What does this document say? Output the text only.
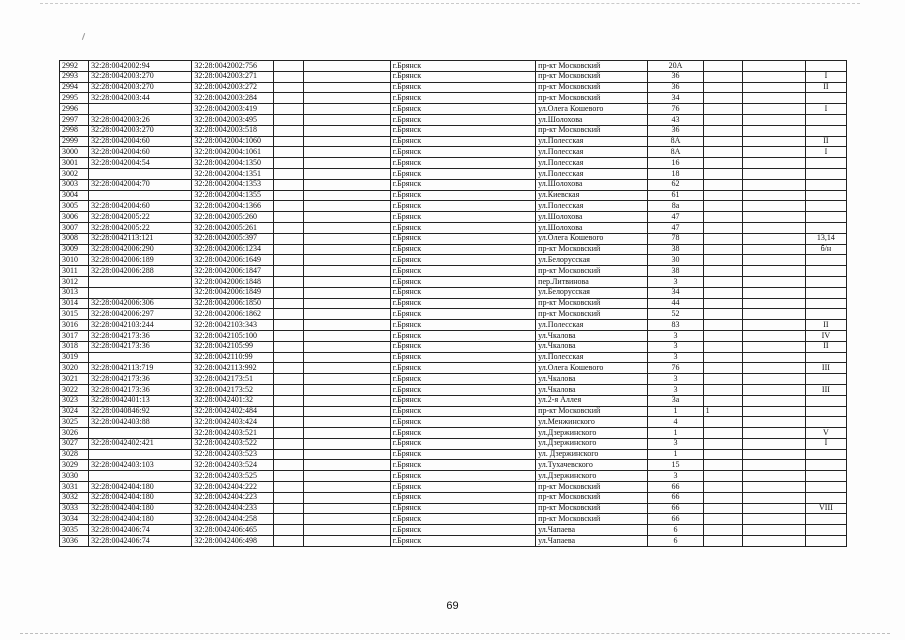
2992	32:28:0042002:94	32:28:0042002:756			г.Брянск	пр-кт Московский	20А			
2993	32:28:0042003:270	32:28:0042003:271			г.Брянск	пр-кт Московский	36			I
2994	32:28:0042003:270	32:28:0042003:272			г.Брянск	пр-кт Московский	36			II
2995	32:28:0042003:44	32:28:0042003:284			г.Брянск	пр-кт Московский	34			
2996		32:28:0042003:419			г.Брянск	ул.Олега Кошевого	76			I
2997	32:28:0042003:26	32:28:0042003:495			г.Брянск	ул.Шолохова	43			
2998	32:28:0042003:270	32:28:0042003:518			г.Брянск	пр-кт Московский	36			
2999	32:28:0042004:60	32:28:0042004:1060			г.Брянск	ул.Полесская	8А			II
3000	32:28:0042004:60	32:28:0042004:1061			г.Брянск	ул.Полесская	8А			I
3001	32:28:0042004:54	32:28:0042004:1350			г.Брянск	ул.Полесская	16			
3002		32:28:0042004:1351			г.Брянск	ул.Полесская	18			
3003	32:28:0042004:70	32:28:0042004:1353			г.Брянск	ул.Шолохова	62			
3004		32:28:0042004:1355			г.Брянск	ул.Киевская	61			
3005	32:28:0042004:60	32:28:0042004:1366			г.Брянск	ул.Полесская	8а			
3006	32:28:0042005:22	32:28:0042005:260			г.Брянск	ул.Шолохова	47			
3007	32:28:0042005:22	32:28:0042005:261			г.Брянск	ул.Шолохова	47			
3008	32:28:0042113:121	32:28:0042005:397			г.Брянск	ул.Олега Кошевого	78			13,14
3009	32:28:0042006:290	32:28:0042006:1234			г.Брянск	пр-кт Московский	38			б/н
3010	32:28:0042006:189	32:28:0042006:1649			г.Брянск	ул.Белорусская	30			
3011	32:28:0042006:288	32:28:0042006:1847			г.Брянск	пр-кт Московский	38			
3012		32:28:0042006:1848			г.Брянск	пер.Литвинова	3			
3013		32:28:0042006:1849			г.Брянск	ул.Белорусская	34			
3014	32:28:0042006:306	32:28:0042006:1850			г.Брянск	пр-кт Московский	44			
3015	32:28:0042006:297	32:28:0042006:1862			г.Брянск	пр-кт Московский	52			
3016	32:28:0042103:244	32:28:0042103:343			г.Брянск	ул.Полесская	83			II
3017	32:28:0042173:36	32:28:0042105:100			г.Брянск	ул.Чкалова	3			IV
3018	32:28:0042173:36	32:28:0042105:99			г.Брянск	ул.Чкалова	3			II
3019		32:28:0042110:99			г.Брянск	ул.Полесская	3			
3020	32:28:0042113:719	32:28:0042113:992			г.Брянск	ул.Олега Кошевого	76			III
3021	32:28:0042173:36	32:28:0042173:51			г.Брянск	ул.Чкалова	3			
3022	32:28:0042173:36	32:28:0042173:52			г.Брянск	ул.Чкалова	3			III
3023	32:28:0042401:13	32:28:0042401:32			г.Брянск	ул.2-я Аллея	3а			
3024	32:28:0040846:92	32:28:0042402:484			г.Брянск	пр-кт Московский	1	1		
3025	32:28:0042403:88	32:28:0042403:424			г.Брянск	ул.Менжинского	4			
3026		32:28:0042403:521			г.Брянск	ул.Дзержинского	1			V
3027	32:28:0042402:421	32:28:0042403:522			г.Брянск	ул.Дзержинского	3			I
3028		32:28:0042403:523			г.Брянск	ул. Дзержинского	1			
3029	32:28:0042403:103	32:28:0042403:524			г.Брянск	ул.Тухачевского	15			
3030		32:28:0042403:525			г.Брянск	ул.Дзержинского	3			
3031	32:28:0042404:180	32:28:0042404:222			г.Брянск	пр-кт Московский	66			
3032	32:28:0042404:180	32:28:0042404:223			г.Брянск	пр-кт Московский	66			
3033	32:28:0042404:180	32:28:0042404:233			г.Брянск	пр-кт Московский	66			VIII
3034	32:28:0042404:180	32:28:0042404:258			г.Брянск	пр-кт Московский	66			
3035	32:28:0042406:74	32:28:0042406:465			г.Брянск	ул.Чапаева	6			
3036	32:28:0042406:74	32:28:0042406:498			г.Брянск	ул.Чапаева	6			
69
